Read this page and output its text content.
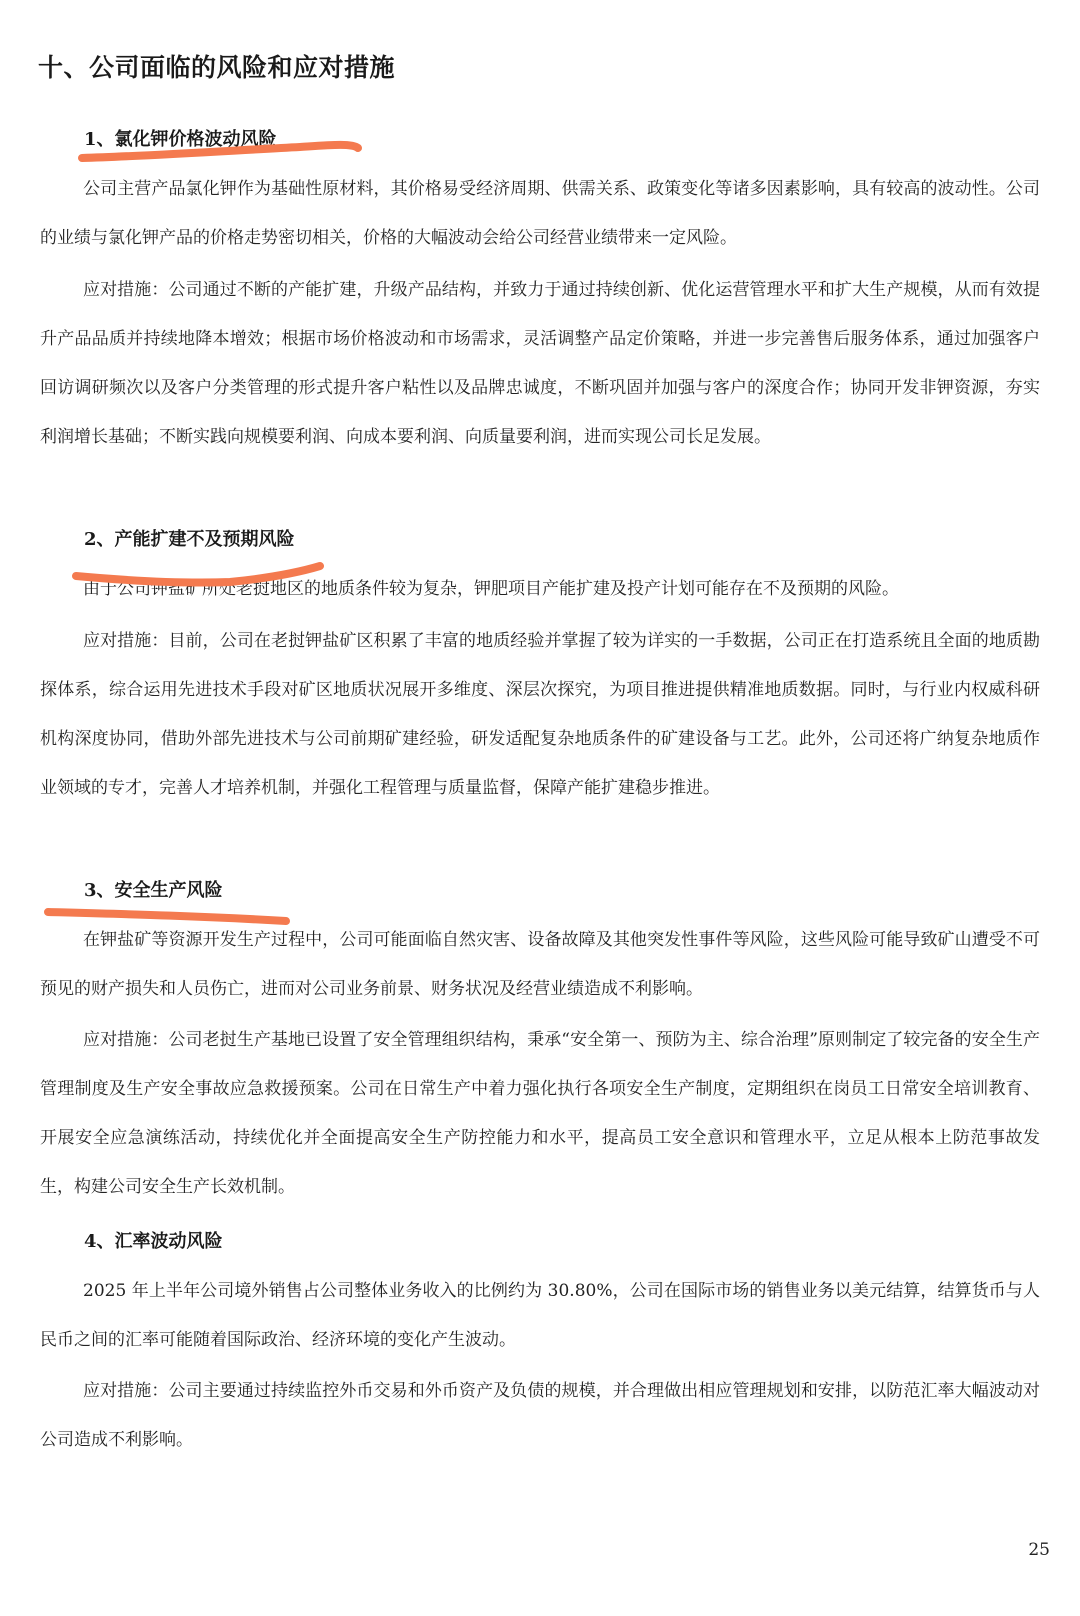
十、公司面临的风险和应对措施
1、氯化钾价格波动风险

公司主营产品氯化钾作为基础性原材料，其价格易受经济周期、供需关系、政策变化等诸多因素影响，具有较高的波动性。公司的业绩与氯化钾产品的价格走势密切相关，价格的大幅波动会给公司经营业绩带来一定风险。

应对措施：公司通过不断的产能扩建，升级产品结构，并致力于通过持续创新、优化运营管理水平和扩大生产规模，从而有效提升产品品质并持续地降本增效；根据市场价格波动和市场需求，灵活调整产品定价策略，并进一步完善售后服务体系，通过加强客户回访调研频次以及客户分类管理的形式提升客户粘性以及品牌忠诚度，不断巩固并加强与客户的深度合作；协同开发非钾资源，夯实利润增长基础；不断实践向规模要利润、向成本要利润、向质量要利润，进而实现公司长足发展。

2、产能扩建不及预期风险

由于公司钾盐矿所处老挝地区的地质条件较为复杂，钾肥项目产能扩建及投产计划可能存在不及预期的风险。

应对措施：目前，公司在老挝钾盐矿区积累了丰富的地质经验并掌握了较为详实的一手数据，公司正在打造系统且全面的地质勘探体系，综合运用先进技术手段对矿区地质状况展开多维度、深层次探究，为项目推进提供精准地质数据。同时，与行业内权威科研机构深度协同，借助外部先进技术与公司前期矿建经验，研发适配复杂地质条件的矿建设备与工艺。此外，公司还将广纳复杂地质作业领域的专才，完善人才培养机制，并强化工程管理与质量监督，保障产能扩建稳步推进。

3、安全生产风险

在钾盐矿等资源开发生产过程中，公司可能面临自然灾害、设备故障及其他突发性事件等风险，这些风险可能导致矿山遭受不可预见的财产损失和人员伤亡，进而对公司业务前景、财务状况及经营业绩造成不利影响。

应对措施：公司老挝生产基地已设置了安全管理组织结构，秉承“安全第一、预防为主、综合治理”原则制定了较完备的安全生产管理制度及生产安全事故应急救援预案。公司在日常生产中着力强化执行各项安全生产制度，定期组织在岗员工日常安全培训教育、开展安全应急演练活动，持续优化并全面提高安全生产防控能力和水平，提高员工安全意识和管理水平，立足从根本上防范事故发生，构建公司安全生产长效机制。

4、汇率波动风险

2025 年上半年公司境外销售占公司整体业务收入的比例约为 30.80%，公司在国际市场的销售业务以美元结算，结算货币与人民币之间的汇率可能随着国际政治、经济环境的变化产生波动。

应对措施：公司主要通过持续监控外币交易和外币资产及负债的规模，并合理做出相应管理规划和安排，以防范汇率大幅波动对公司造成不利影响。

25
